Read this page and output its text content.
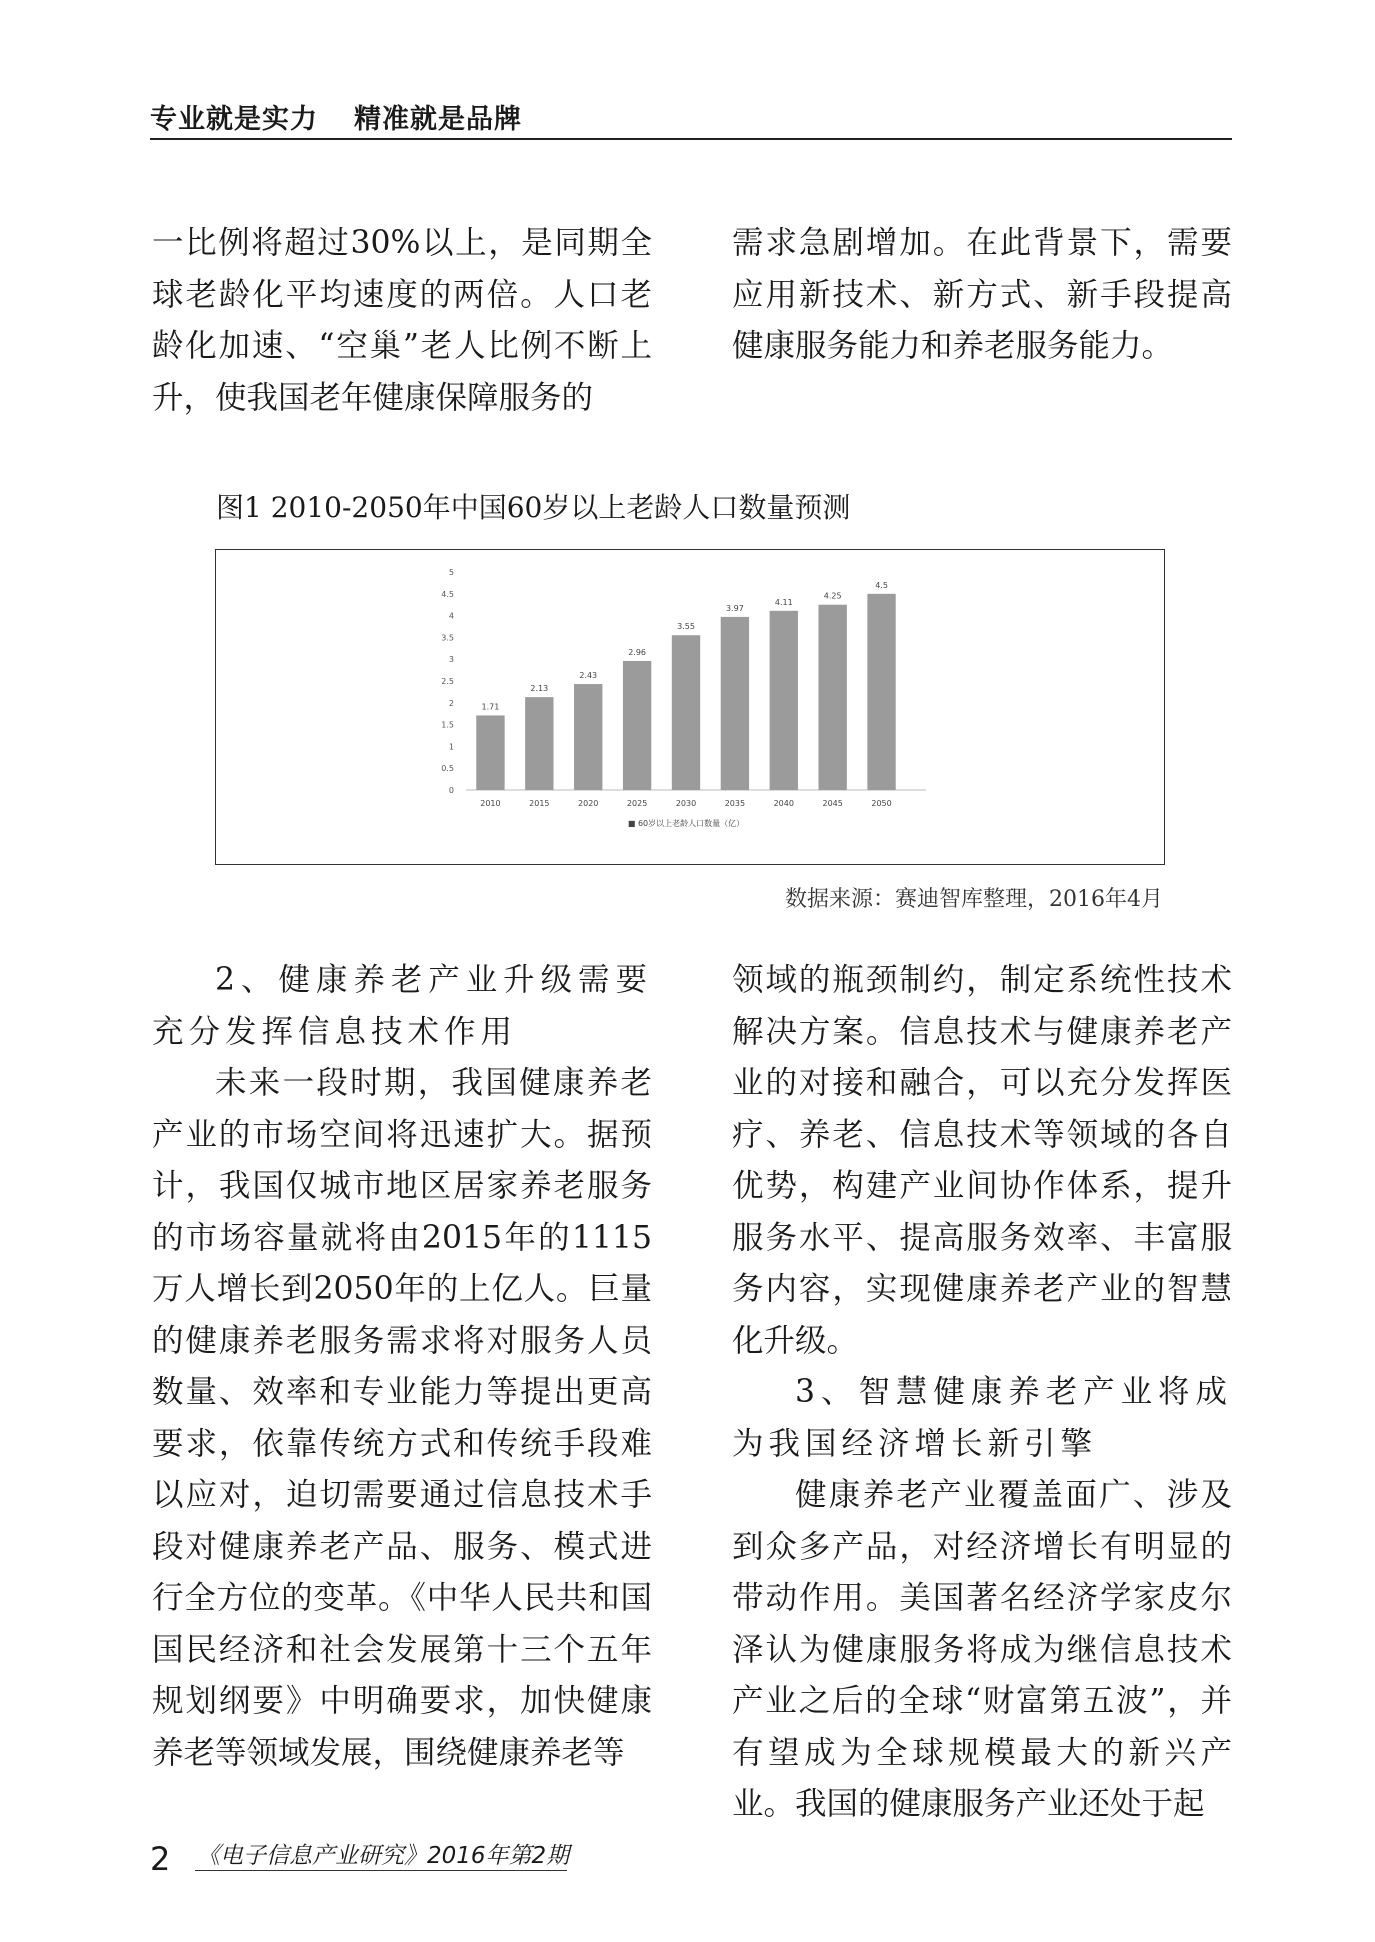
专业就是实力 精准就是品牌

一比例将超过30%以上，是同期全球老龄化平均速度的两倍。人口老龄化加速、“空巢”老人比例不断上升，使我国老年健康保障服务的

需求急剧增加。在此背景下，需要应用新技术、新方式、新手段提高健康服务能力和养老服务能力。

图1 2010-2050年中国60岁以上老龄人口数量预测
0
0.5
1
1.5
2
2.5
3
3.5
4
4.5
5
1.71
2010
2.13
2015
2.43
2020
2.96
2025
3.55
2030
3.97
2035
4.11
2040
4.25
2045
4.5
2050
■ 60岁以上老龄人口数量（亿）
数据来源：赛迪智库整理，2016年4月

2、健康养老产业升级需要充分发挥信息技术作用

未来一段时期，我国健康养老产业的市场空间将迅速扩大。据预计，我国仅城市地区居家养老服务的市场容量就将由2015年的1115万人增长到2050年的上亿人。巨量的健康养老服务需求将对服务人员数量、效率和专业能力等提出更高要求，依靠传统方式和传统手段难以应对，迫切需要通过信息技术手段对健康养老产品、服务、模式进行全方位的变革。《中华人民共和国国民经济和社会发展第十三个五年规划纲要》中明确要求，加快健康养老等领域发展，围绕健康养老等

领域的瓶颈制约，制定系统性技术解决方案。信息技术与健康养老产业的对接和融合，可以充分发挥医疗、养老、信息技术等领域的各自优势，构建产业间协作体系，提升服务水平、提高服务效率、丰富服务内容，实现健康养老产业的智慧化升级。

3、智慧健康养老产业将成为我国经济增长新引擎

健康养老产业覆盖面广、涉及到众多产品，对经济增长有明显的带动作用。美国著名经济学家皮尔泽认为健康服务将成为继信息技术产业之后的全球“财富第五波”，并有望成为全球规模最大的新兴产业。我国的健康服务产业还处于起

2 《电子信息产业研究》2016年第2期
